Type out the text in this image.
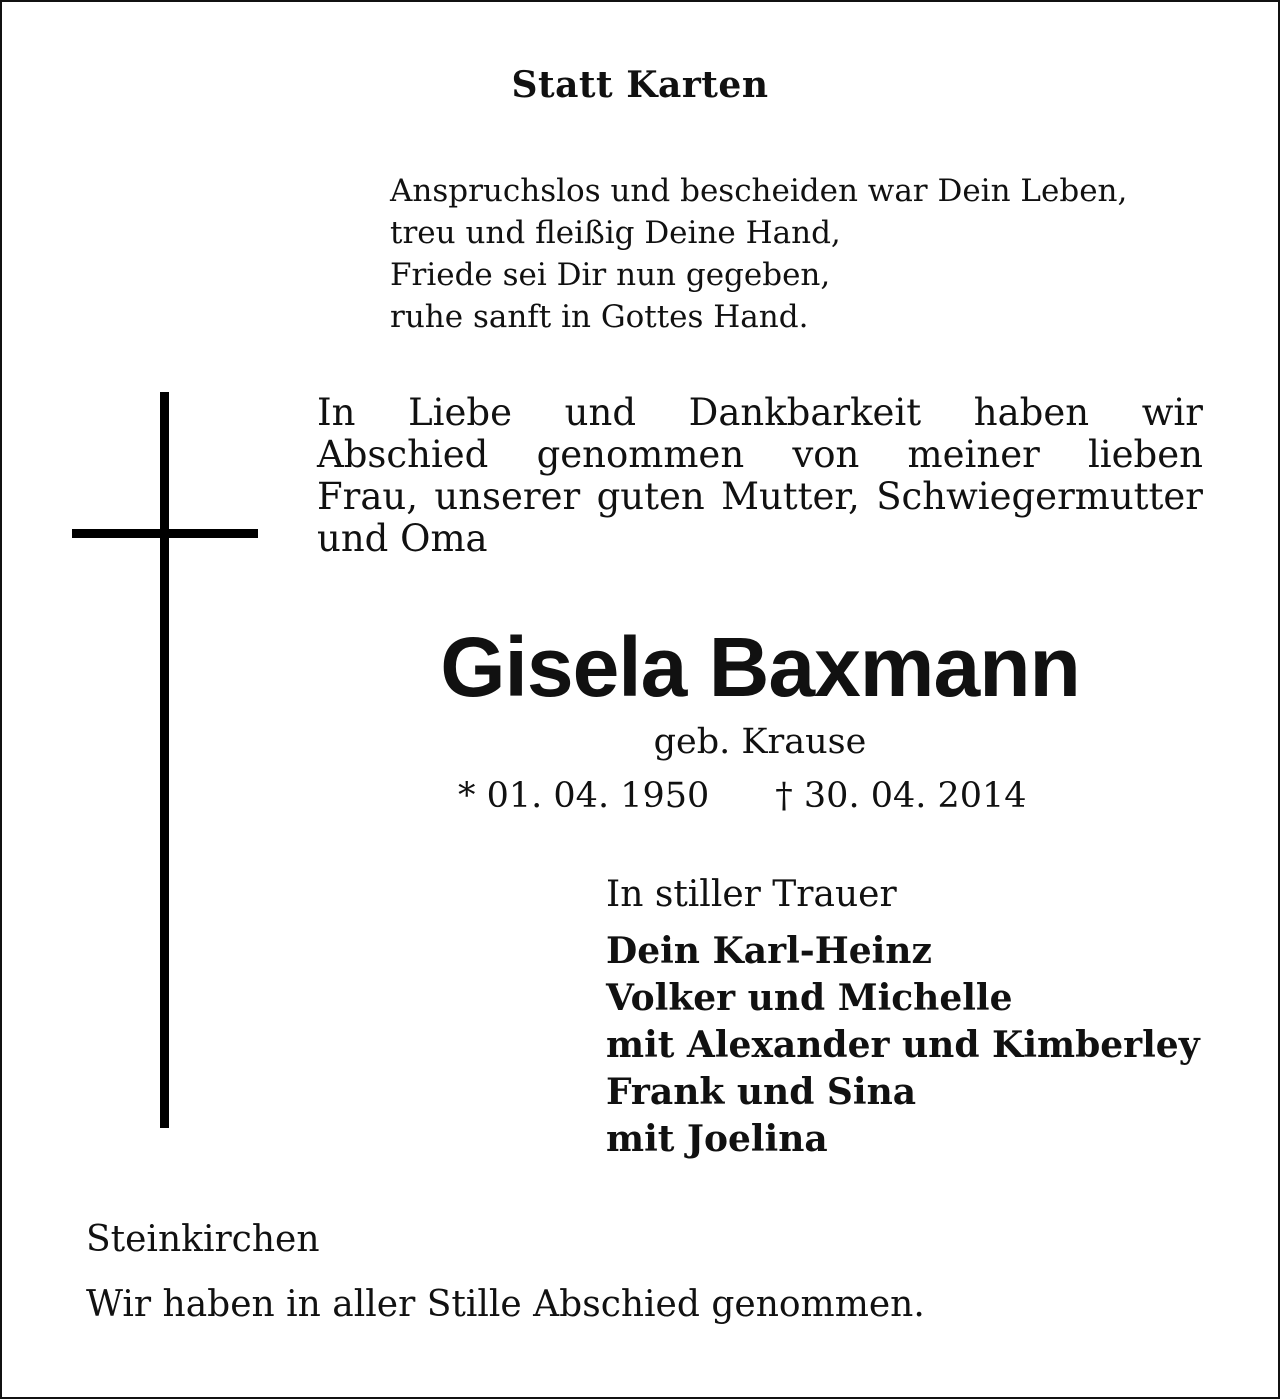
Statt Karten
Anspruchslos und bescheiden war Dein Leben,
treu und fleißig Deine Hand,
Friede sei Dir nun gegeben,
ruhe sanft in Gottes Hand.
In Liebe und Dankbarkeit haben wir
Abschied genommen von meiner lieben
Frau, unserer guten Mutter, Schwiegermutter
und Oma
Gisela Baxmann
geb. Krause
* 01. 04. 1950 † 30. 04. 2014
In stiller Trauer
Dein Karl-Heinz
Volker und Michelle
mit Alexander und Kimberley
Frank und Sina
mit Joelina
Steinkirchen
Wir haben in aller Stille Abschied genommen.
